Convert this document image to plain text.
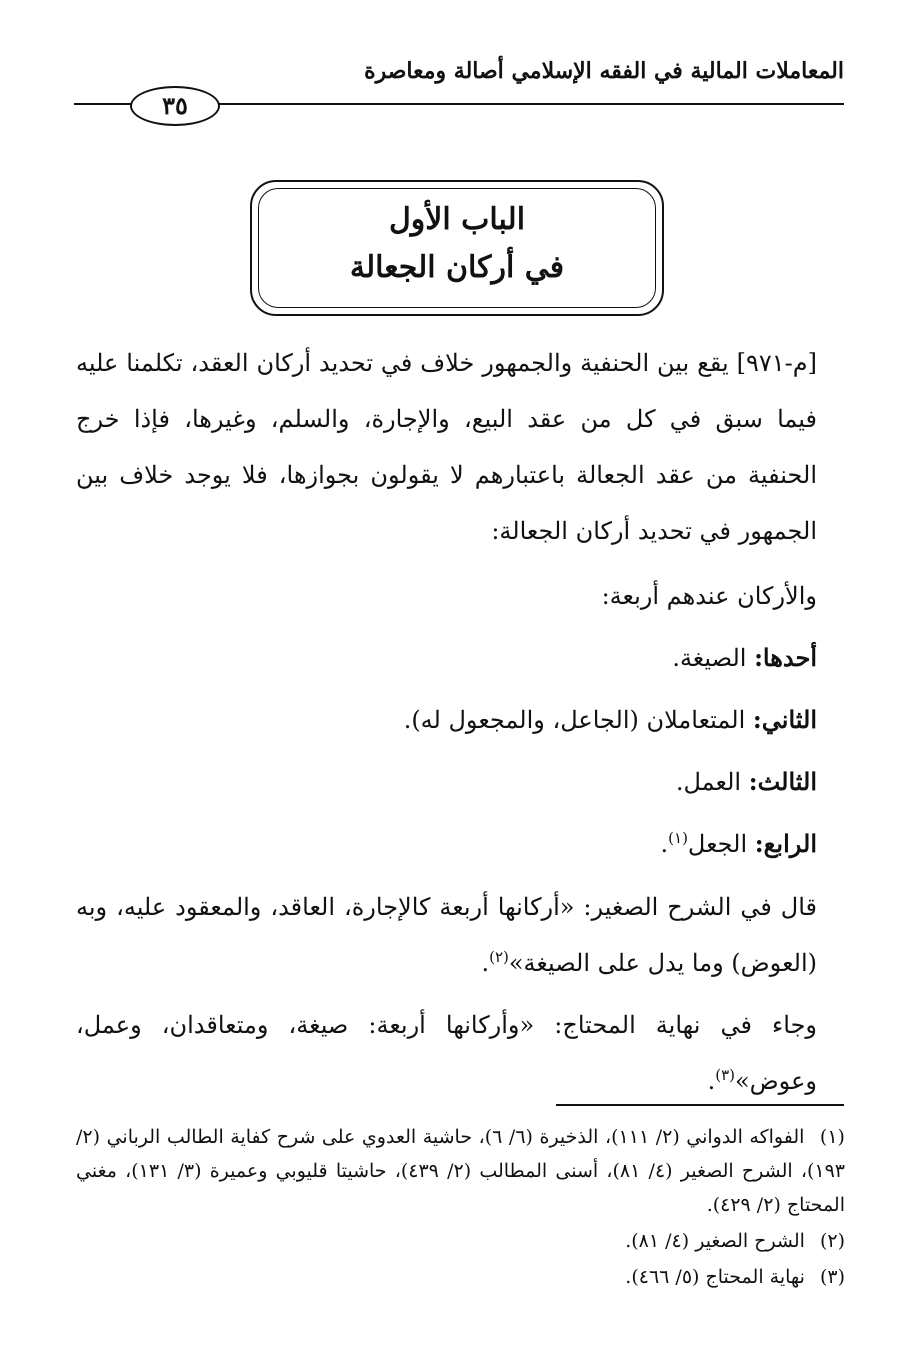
المعاملات المالية في الفقه الإسلامي أصالة ومعاصرة
٣٥
الباب الأول
في أركان الجعالة

[م-٩٧١] يقع بين الحنفية والجمهور خلاف في تحديد أركان العقد، تكلمنا عليه فيما سبق في كل من عقد البيع، والإجارة، والسلم، وغيرها، فإذا خرج الحنفية من عقد الجعالة باعتبارهم لا يقولون بجوازها، فلا يوجد خلاف بين الجمهور في تحديد أركان الجعالة:

والأركان عندهم أربعة:

أحدها: الصيغة.

الثاني: المتعاملان (الجاعل، والمجعول له).

الثالث: العمل.

الرابع: الجعل$^{(١)}$.

قال في الشرح الصغير: «أركانها أربعة كالإجارة، العاقد، والمعقود عليه، وبه (العوض) وما يدل على الصيغة»$^{(٢)}$.

وجاء في نهاية المحتاج: «وأركانها أربعة: صيغة، ومتعاقدان، وعمل، وعوض»$^{(٣)}$.

(١) الفواكه الدواني (٢/ ١١١)، الذخيرة (٦/ ٦)، حاشية العدوي على شرح كفاية الطالب الرباني (٢/ ١٩٣)، الشرح الصغير (٤/ ٨١)، أسنى المطالب (٢/ ٤٣٩)، حاشيتا قليوبي وعميرة (٣/ ١٣١)، مغني المحتاج (٢/ ٤٢٩).

(٢) الشرح الصغير (٤/ ٨١).

(٣) نهاية المحتاج (٥/ ٤٦٦).
